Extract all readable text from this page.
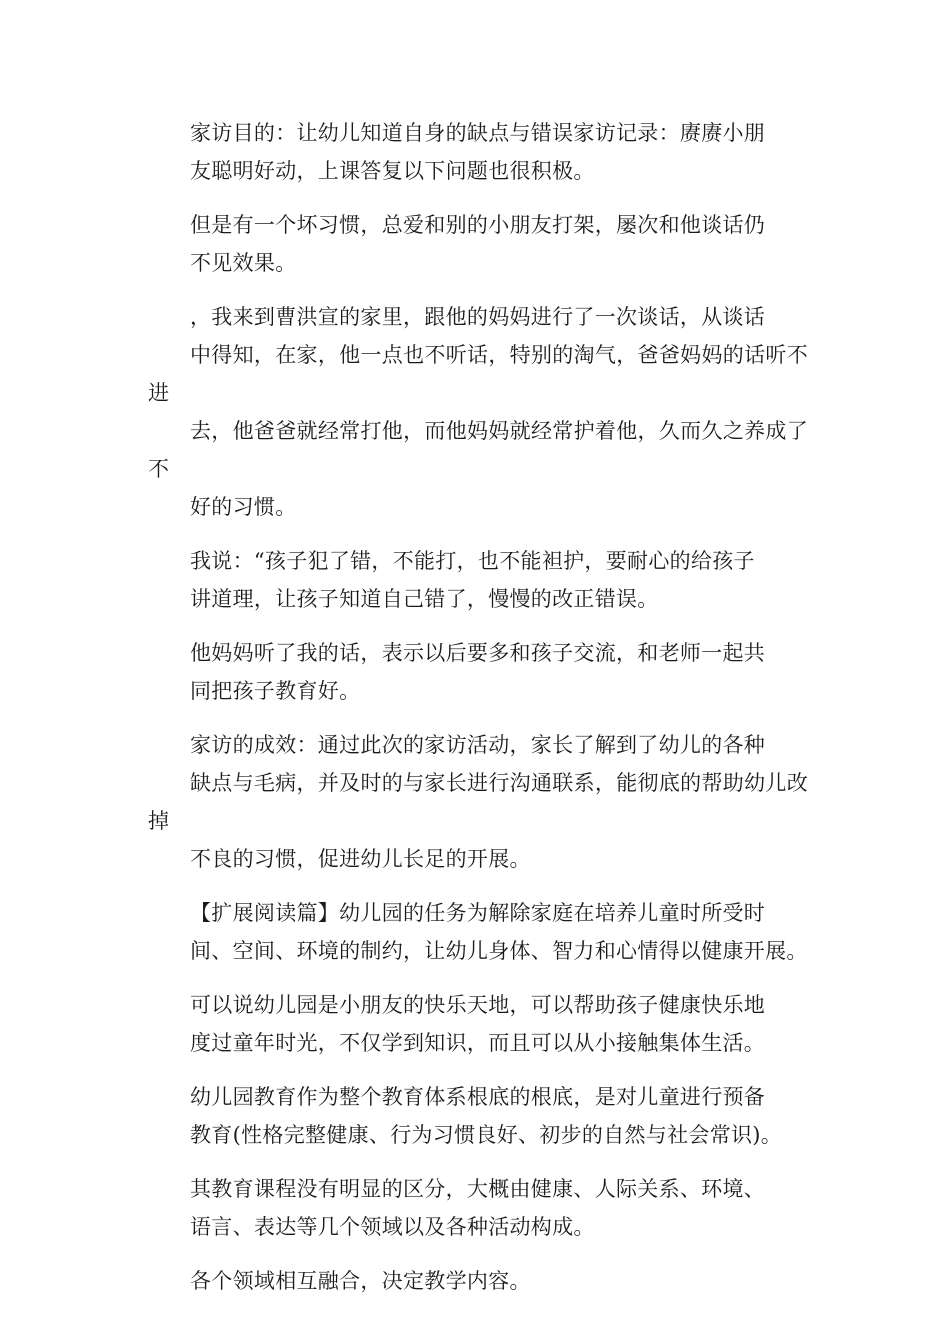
家访目的：让幼儿知道自身的缺点与错误家访记录：赓赓小朋
友聪明好动，上课答复以下问题也很积极。

但是有一个坏习惯，总爱和别的小朋友打架，屡次和他谈话仍
不见效果。

，我来到曹洪宣的家里，跟他的妈妈进行了一次谈话，从谈话
中得知，在家，他一点也不听话，特别的淘气，爸爸妈妈的话听不进
去，他爸爸就经常打他，而他妈妈就经常护着他，久而久之养成了不
好的习惯。

我说：“孩子犯了错，不能打，也不能袒护，要耐心的给孩子
讲道理，让孩子知道自己错了，慢慢的改正错误。

他妈妈听了我的话，表示以后要多和孩子交流，和老师一起共
同把孩子教育好。

家访的成效：通过此次的家访活动，家长了解到了幼儿的各种
缺点与毛病，并及时的与家长进行沟通联系，能彻底的帮助幼儿改掉
不良的习惯，促进幼儿长足的开展。

【扩展阅读篇】幼儿园的任务为解除家庭在培养儿童时所受时
间、空间、环境的制约，让幼儿身体、智力和心情得以健康开展。

可以说幼儿园是小朋友的快乐天地，可以帮助孩子健康快乐地
度过童年时光，不仅学到知识，而且可以从小接触集体生活。

幼儿园教育作为整个教育体系根底的根底，是对儿童进行预备
教育(性格完整健康、行为习惯良好、初步的自然与社会常识)。

其教育课程没有明显的区分，大概由健康、人际关系、环境、
语言、表达等几个领域以及各种活动构成。

各个领域相互融合，决定教学内容。
